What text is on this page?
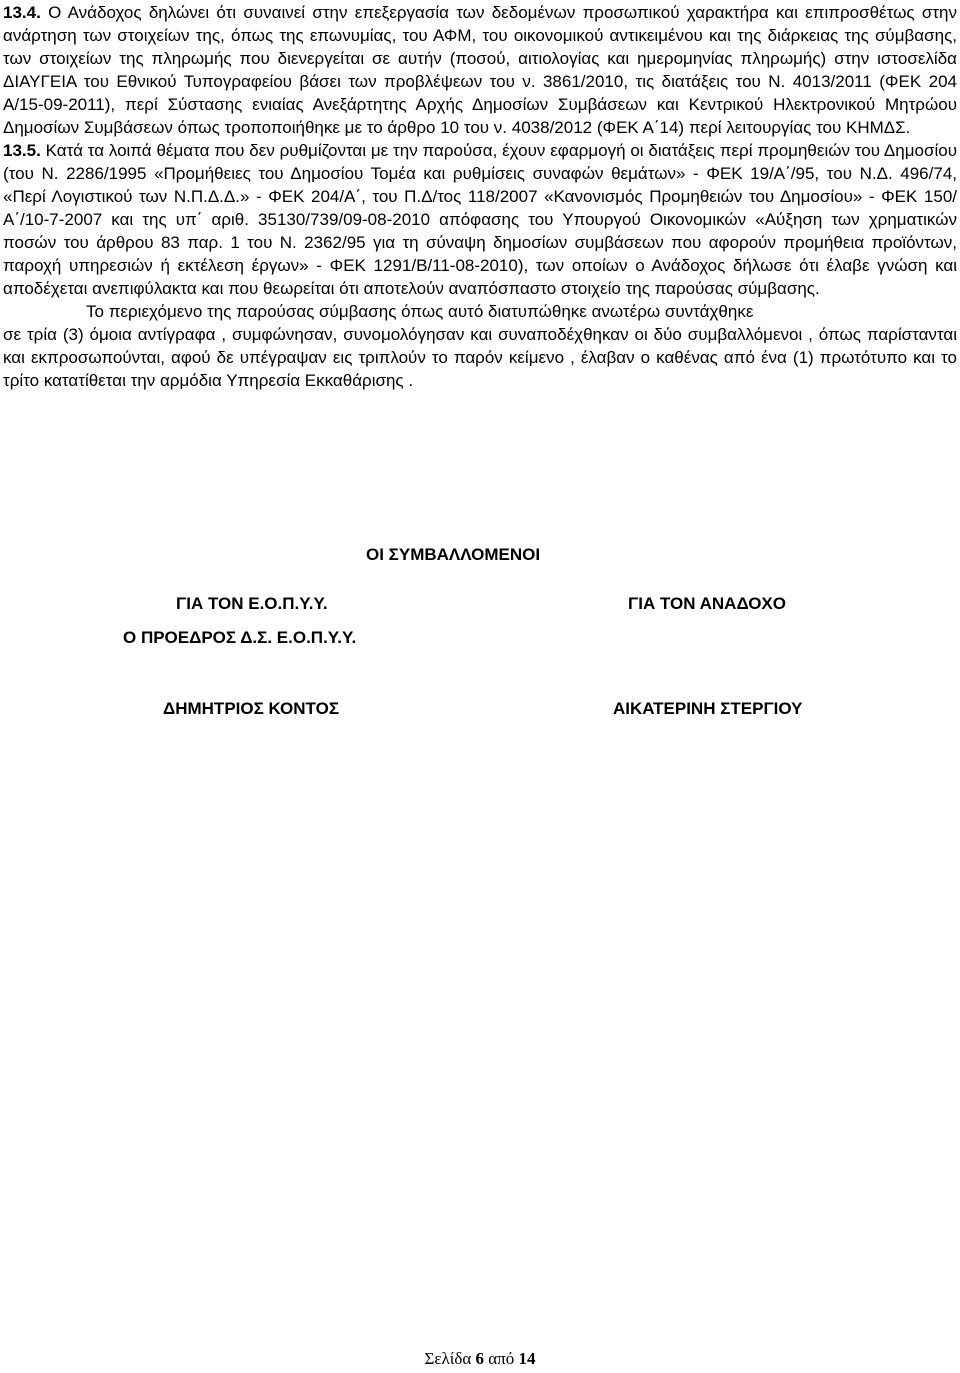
13.4. Ο Ανάδοχος δηλώνει ότι συναινεί στην επεξεργασία των δεδομένων προσωπικού χαρακτήρα και επιπροσθέτως στην ανάρτηση των στοιχείων της, όπως της επωνυμίας, του ΑΦΜ, του οικονομικού αντικειμένου και της διάρκειας της σύμβασης, των στοιχείων της πληρωμής που διενεργείται σε αυτήν (ποσού, αιτιολογίας και ημερομηνίας πληρωμής) στην ιστοσελίδα ΔΙΑΥΓΕΙΑ του Εθνικού Τυπογραφείου βάσει των προβλέψεων του ν. 3861/2010, τις διατάξεις του Ν. 4013/2011 (ΦΕΚ 204 Α/15-09-2011), περί Σύστασης ενιαίας Ανεξάρτητης Αρχής Δημοσίων Συμβάσεων και Κεντρικού Ηλεκτρονικού Μητρώου Δημοσίων Συμβάσεων όπως τροποποιήθηκε με το άρθρο 10 του ν. 4038/2012 (ΦΕΚ Α΄14) περί λειτουργίας του ΚΗΜΔΣ.

13.5. Κατά τα λοιπά θέματα που δεν ρυθμίζονται με την παρούσα, έχουν εφαρμογή οι διατάξεις περί προμηθειών του Δημοσίου (του Ν. 2286/1995 «Προμήθειες του Δημοσίου Τομέα και ρυθμίσεις συναφών θεμάτων» - ΦΕΚ 19/Α΄/95, του Ν.Δ. 496/74, «Περί Λογιστικού των Ν.Π.Δ.Δ.» - ΦΕΚ 204/Α΄, του Π.Δ/τος 118/2007 «Κανονισμός Προμηθειών του Δημοσίου» - ΦΕΚ 150/Α΄/10-7-2007 και της υπ΄ αριθ. 35130/739/09-08-2010 απόφασης του Υπουργού Οικονομικών «Αύξηση των χρηματικών ποσών του άρθρου 83 παρ. 1 του Ν. 2362/95 για τη σύναψη δημοσίων συμβάσεων που αφορούν προμήθεια προϊόντων, παροχή υπηρεσιών ή εκτέλεση έργων» - ΦΕΚ 1291/Β/11-08-2010), των οποίων ο Ανάδοχος δήλωσε ότι έλαβε γνώση και αποδέχεται ανεπιφύλακτα και που θεωρείται ότι αποτελούν αναπόσπαστο στοιχείο της παρούσας σύμβασης.

Το περιεχόμενο της παρούσας σύμβασης όπως αυτό διατυπώθηκε ανωτέρω συντάχθηκε

σε τρία (3) όμοια αντίγραφα , συμφώνησαν, συνομολόγησαν και συναποδέχθηκαν οι δύο συμβαλλόμενοι , όπως παρίστανται και εκπροσωπούνται, αφού δε υπέγραψαν εις τριπλούν το παρόν κείμενο , έλαβαν ο καθένας από ένα (1) πρωτότυπο και το τρίτο κατατίθεται την αρμόδια Υπηρεσία Εκκαθάρισης .

ΟΙ ΣΥΜΒΑΛΛΟΜΕΝΟΙ
ΓΙΑ ΤΟΝ Ε.Ο.Π.Υ.Υ.
Ο ΠΡΟΕΔΡΟΣ Δ.Σ. Ε.Ο.Π.Υ.Υ.
ΔΗΜΗΤΡΙΟΣ ΚΟΝΤΟΣ
ΓΙΑ ΤΟΝ ΑΝΑΔΟΧΟ
ΑΙΚΑΤΕΡΙΝΗ ΣΤΕΡΓΙΟΥ
Σελίδα 6 από 14
